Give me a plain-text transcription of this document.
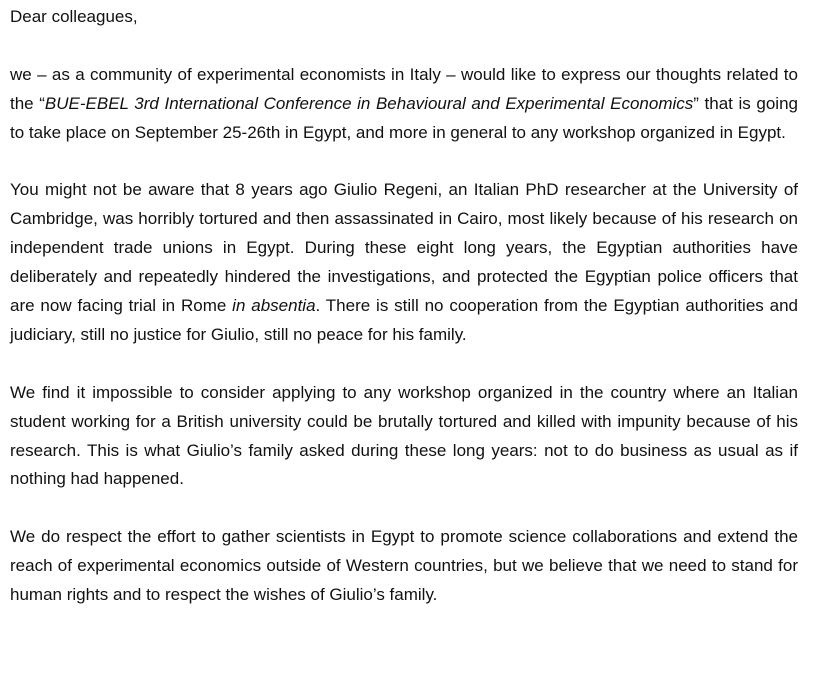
Dear colleagues,

we – as a community of experimental economists in Italy – would like to express our thoughts related to the “BUE-EBEL 3rd International Conference in Behavioural and Experimental Economics” that is going to take place on September 25-26th in Egypt, and more in general to any workshop organized in Egypt.

You might not be aware that 8 years ago Giulio Regeni, an Italian PhD researcher at the University of Cambridge, was horribly tortured and then assassinated in Cairo, most likely because of his research on independent trade unions in Egypt. During these eight long years, the Egyptian authorities have deliberately and repeatedly hindered the investigations, and protected the Egyptian police officers that are now facing trial in Rome in absentia. There is still no cooperation from the Egyptian authorities and judiciary, still no justice for Giulio, still no peace for his family.

We find it impossible to consider applying to any workshop organized in the country where an Italian student working for a British university could be brutally tortured and killed with impunity because of his research. This is what Giulio’s family asked during these long years: not to do business as usual as if nothing had happened.

We do respect the effort to gather scientists in Egypt to promote science collaborations and extend the reach of experimental economics outside of Western countries, but we believe that we need to stand for human rights and to respect the wishes of Giulio’s family.
